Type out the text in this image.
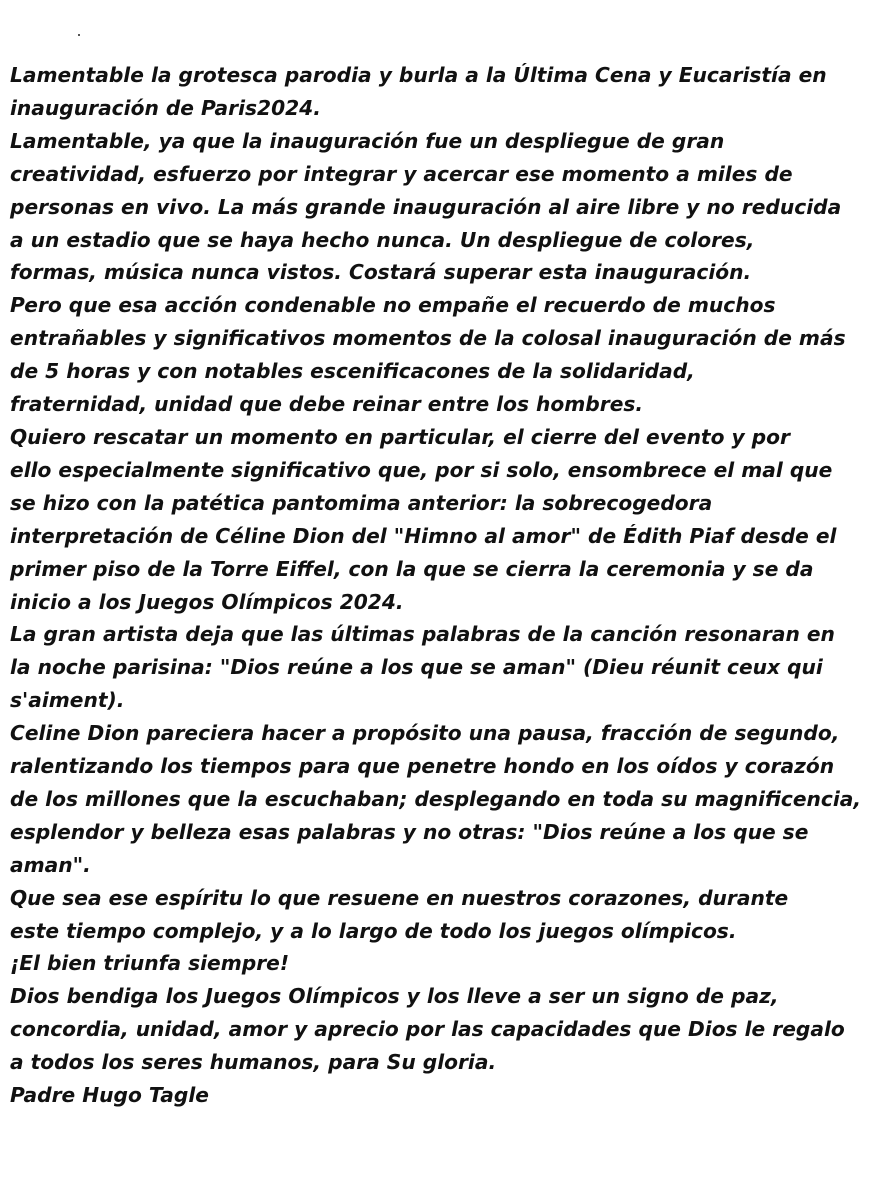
Lamentable la grotesca parodia y burla a la Última Cena y Eucaristía en
inauguración de Paris2024.
Lamentable, ya que la inauguración fue un despliegue de gran
creatividad, esfuerzo por integrar y acercar ese momento a miles de
personas en vivo. La más grande inauguración al aire libre y no reducida
a un estadio que se haya hecho nunca. Un despliegue de colores,
formas, música nunca vistos. Costará superar esta inauguración.
Pero que esa acción condenable no empañe el recuerdo de muchos
entrañables y significativos momentos de la colosal inauguración de más
de 5 horas y con notables escenificacones de la solidaridad,
fraternidad, unidad que debe reinar entre los hombres.
Quiero rescatar un momento en particular, el cierre del evento y por
ello especialmente significativo que, por si solo, ensombrece el mal que
se hizo con la patética pantomima anterior: la sobrecogedora
interpretación de Céline Dion del "Himno al amor" de Édith Piaf desde el
primer piso de la Torre Eiffel, con la que se cierra la ceremonia y se da
inicio a los Juegos Olímpicos 2024.
La gran artista deja que las últimas palabras de la canción resonaran en
la noche parisina: "Dios reúne a los que se aman" (Dieu réunit ceux qui
s'aiment).
Celine Dion pareciera hacer a propósito una pausa, fracción de segundo,
ralentizando los tiempos para que penetre hondo en los oídos y corazón
de los millones que la escuchaban; desplegando en toda su magnificencia,
esplendor y belleza esas palabras y no otras: "Dios reúne a los que se
aman".
Que sea ese espíritu lo que resuene en nuestros corazones, durante
este tiempo complejo, y a lo largo de todo los juegos olímpicos.
¡El bien triunfa siempre!
Dios bendiga los Juegos Olímpicos y los lleve a ser un signo de paz,
concordia, unidad, amor y aprecio por las capacidades que Dios le regalo
a todos los seres humanos, para Su gloria.
Padre Hugo Tagle
